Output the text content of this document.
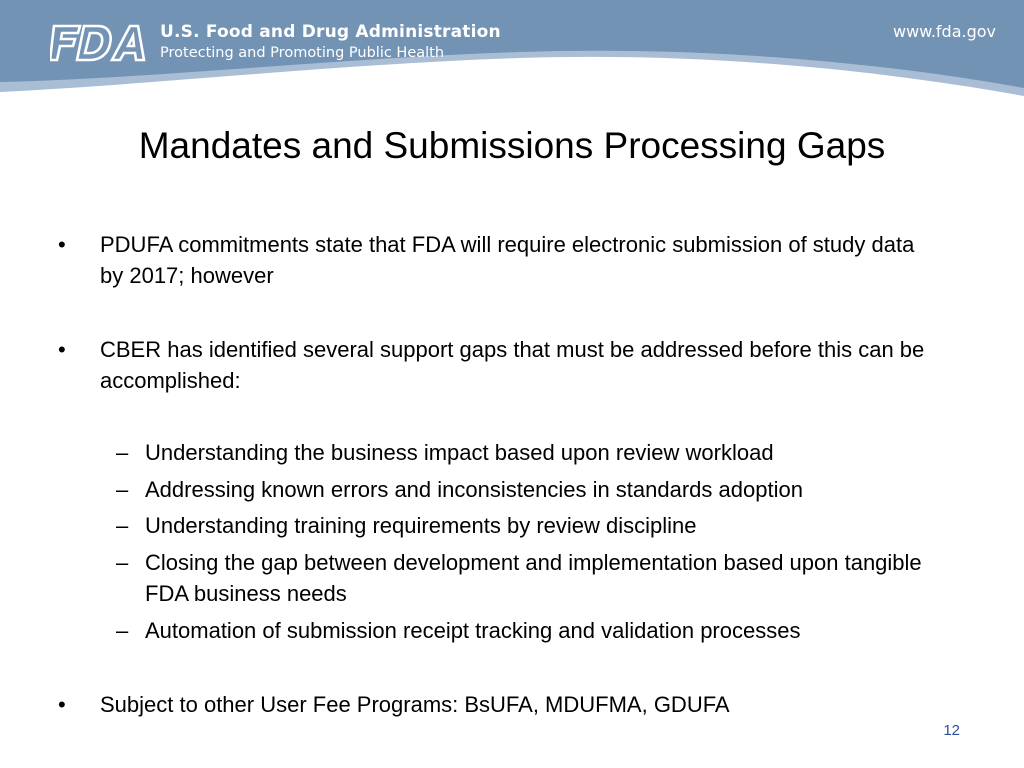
U.S. Food and Drug Administration
Protecting and Promoting Public Health
www.fda.gov
Mandates and Submissions Processing Gaps
• PDUFA commitments state that FDA will require electronic submission of study data by 2017; however
• CBER has identified several support gaps that must be addressed before this can be accomplished:
– Understanding the business impact based upon review workload
– Addressing known errors and inconsistencies in standards adoption
– Understanding training requirements by review discipline
– Closing the gap between development and implementation based upon tangible FDA business needs
– Automation of submission receipt tracking and validation processes
• Subject to other User Fee Programs: BsUFA, MDUFMA, GDUFA
12
